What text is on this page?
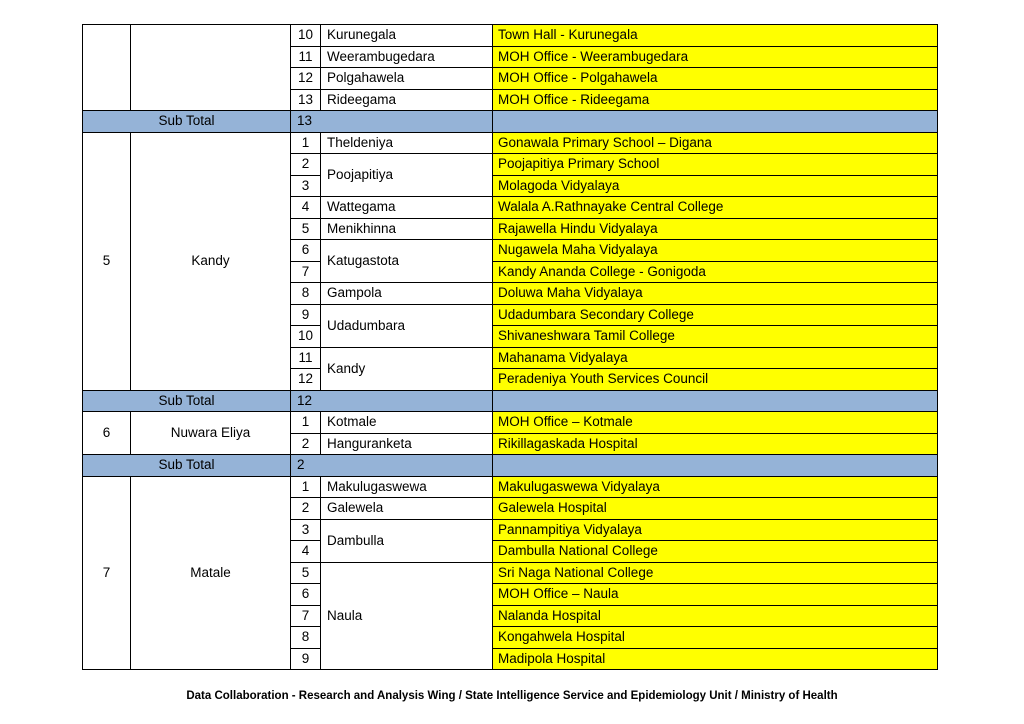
		10	Kurunegala	Town Hall - Kurunegala
		11	Weerambugedara	MOH Office - Weerambugedara
		12	Polgahawela	MOH Office - Polgahawela
		13	Rideegama	MOH Office - Rideegama
Sub Total		13		
5	Kandy	1	Theldeniya	Gonawala Primary School – Digana
		2	Poojapitiya	Poojapitiya Primary School
		3		Molagoda Vidyalaya
		4	Wattegama	Walala A.Rathnayake Central College
		5	Menikhinna	Rajawella Hindu Vidyalaya
		6	Katugastota	Nugawela Maha Vidyalaya
		7		Kandy Ananda College - Gonigoda
		8	Gampola	Doluwa Maha Vidyalaya
		9	Udadumbara	Udadumbara Secondary College
		10		Shivaneshwara Tamil College
		11	Kandy	Mahanama Vidyalaya
		12		Peradeniya Youth Services Council
Sub Total		12		
6	Nuwara Eliya	1	Kotmale	MOH Office – Kotmale
		2	Hanguranketa	Rikillagaskada Hospital
Sub Total		2		
7	Matale	1	Makulugaswewa	Makulugaswewa Vidyalaya
		2	Galewela	Galewela Hospital
		3	Dambulla	Pannampitiya Vidyalaya
		4		Dambulla National College
		5	Naula	Sri Naga National College
		6		MOH Office – Naula
		7		Nalanda Hospital
		8		Kongahwela Hospital
		9		Madipola Hospital
Data Collaboration - Research and Analysis Wing / State Intelligence Service and Epidemiology Unit / Ministry of Health
